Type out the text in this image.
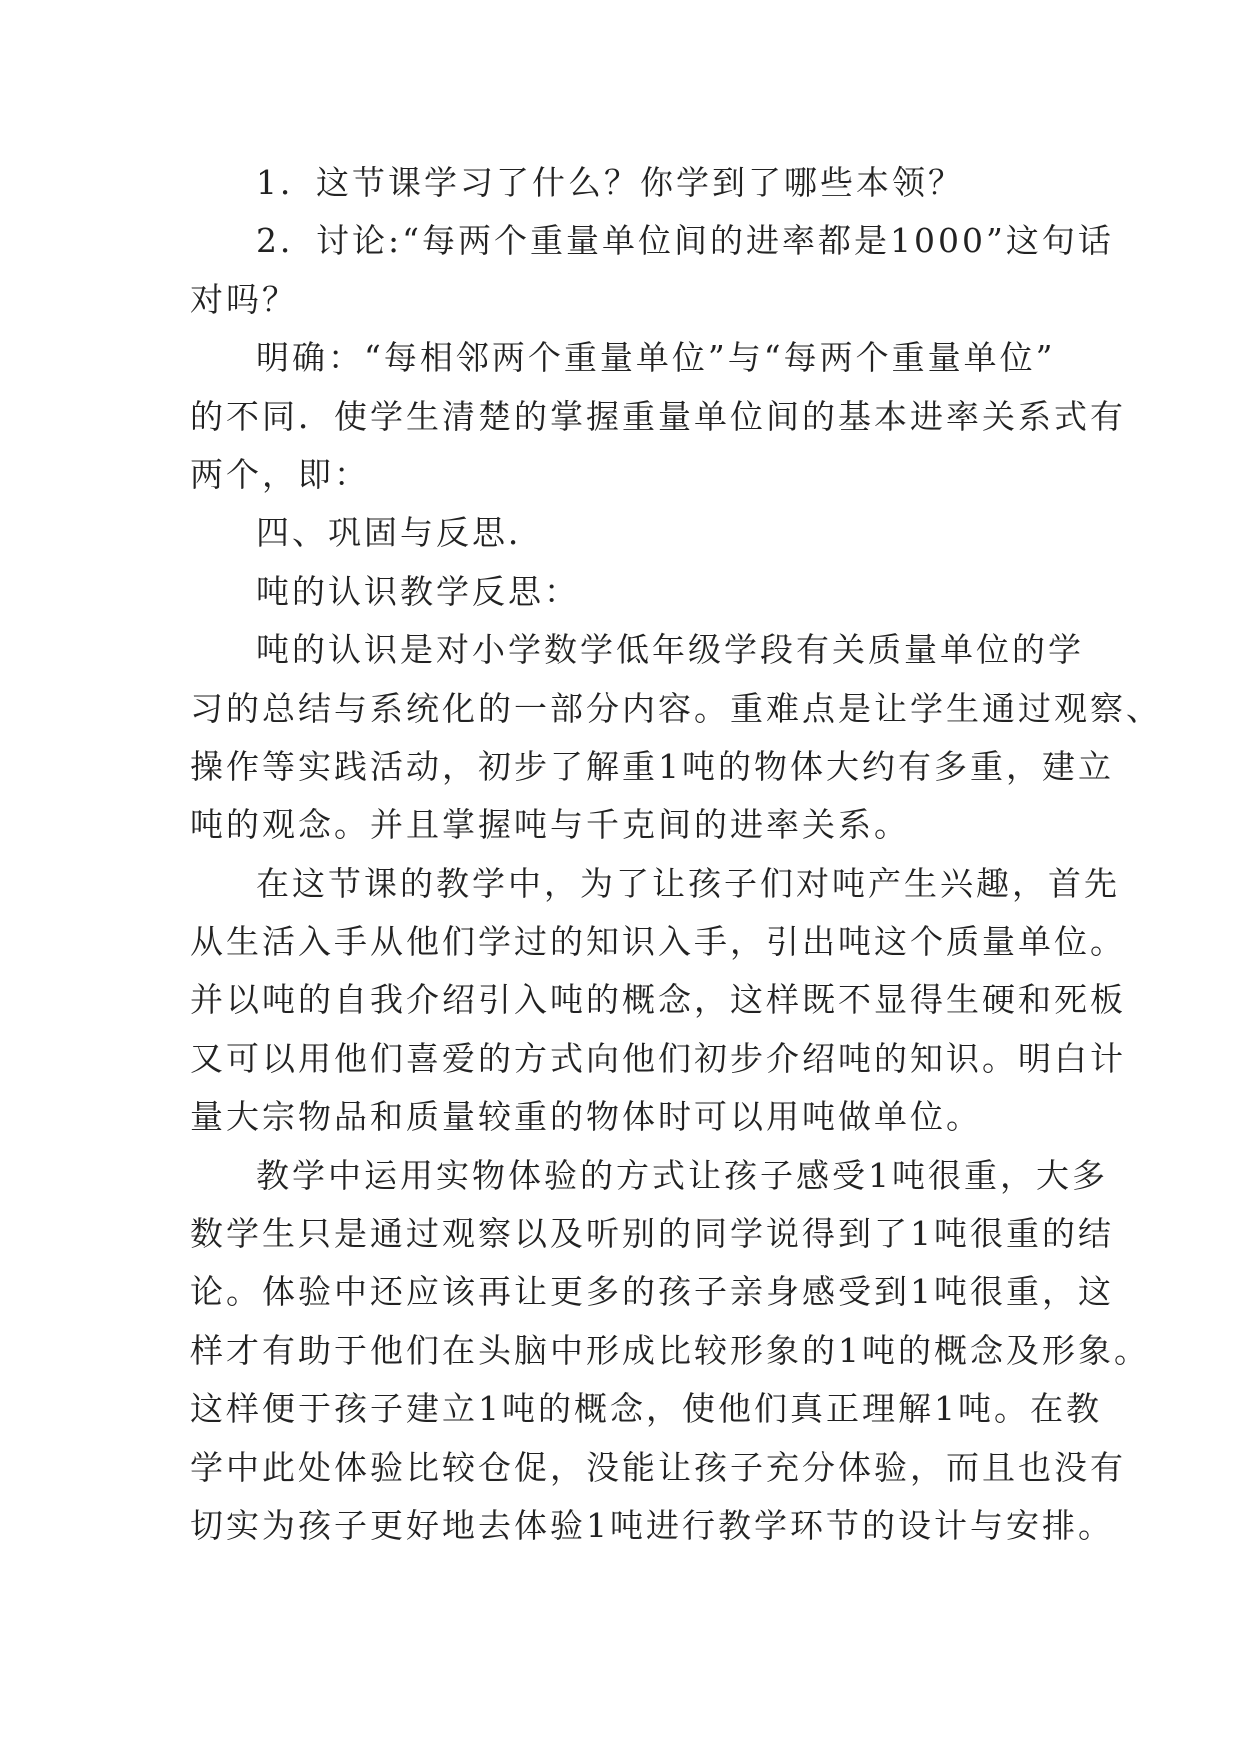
1．这节课学习了什么？你学到了哪些本领？
2．讨论:“每两个重量单位间的进率都是1000”这句话
对吗？
明确：“每相邻两个重量单位”与“每两个重量单位”
的不同．使学生清楚的掌握重量单位间的基本进率关系式有
两个，即：
四、巩固与反思．
吨的认识教学反思：
吨的认识是对小学数学低年级学段有关质量单位的学
习的总结与系统化的一部分内容。重难点是让学生通过观察、
操作等实践活动，初步了解重1吨的物体大约有多重，建立
吨的观念。并且掌握吨与千克间的进率关系。
在这节课的教学中，为了让孩子们对吨产生兴趣，首先
从生活入手从他们学过的知识入手，引出吨这个质量单位。
并以吨的自我介绍引入吨的概念，这样既不显得生硬和死板
又可以用他们喜爱的方式向他们初步介绍吨的知识。明白计
量大宗物品和质量较重的物体时可以用吨做单位。
教学中运用实物体验的方式让孩子感受1吨很重，大多
数学生只是通过观察以及听别的同学说得到了1吨很重的结
论。体验中还应该再让更多的孩子亲身感受到1吨很重，这
样才有助于他们在头脑中形成比较形象的1吨的概念及形象。
这样便于孩子建立1吨的概念，使他们真正理解1吨。在教
学中此处体验比较仓促，没能让孩子充分体验，而且也没有
切实为孩子更好地去体验1吨进行教学环节的设计与安排。
